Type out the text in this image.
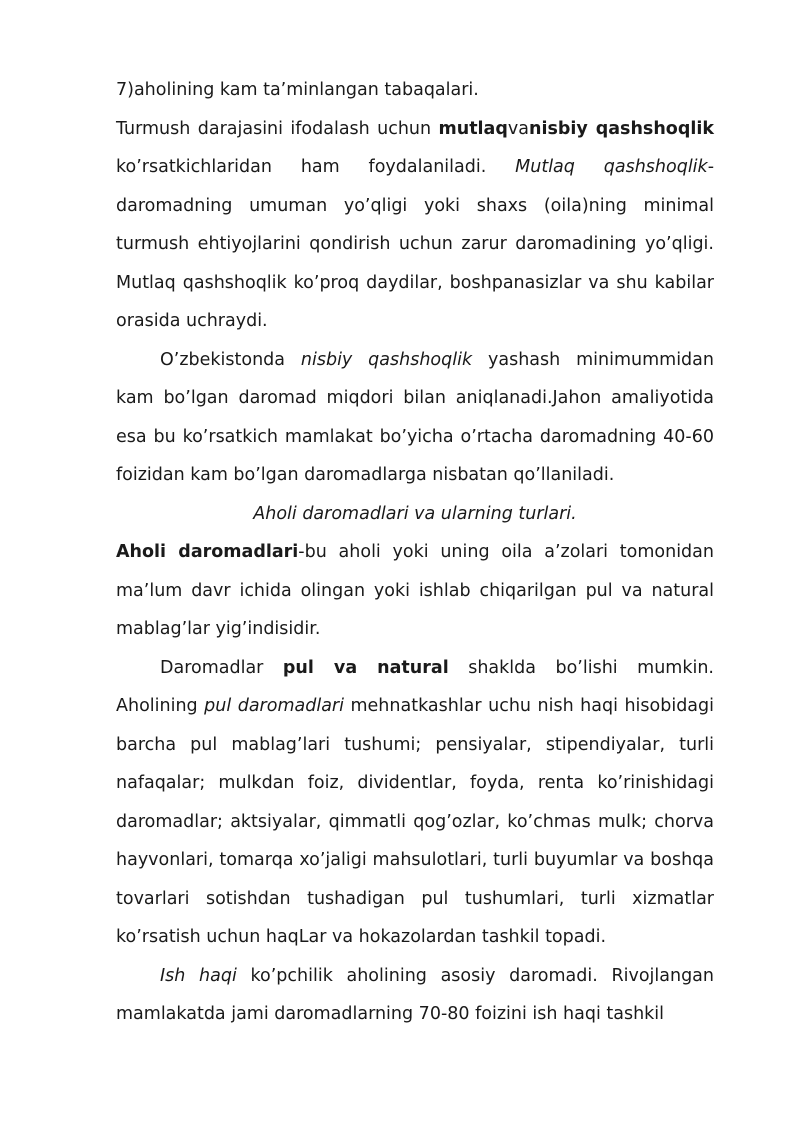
7)aholining kam ta’minlangan tabaqalari.

Turmush darajasini ifodalash uchun mutlaqvanisbiy qashshoqlik ko’rsatkichlaridan ham foydalaniladi. Mutlaq qashshoqlik-daromadning umuman yo’qligi yoki shaxs (oila)ning minimal turmush ehtiyojlarini qondirish uchun zarur daromadining yo’qligi. Mutlaq qashshoqlik ko’proq daydilar, boshpanasizlar va shu kabilar orasida uchraydi.

O’zbekistonda nisbiy qashshoqlik yashash minimummidan kam bo’lgan daromad miqdori bilan aniqlanadi.Jahon amaliyotida esa bu ko’rsatkich mamlakat bo’yicha o’rtacha daromadning 40-60 foizidan kam bo’lgan daromadlarga nisbatan qo’llaniladi.

Aholi daromadlari va ularning turlari.

Aholi daromadlari-bu aholi yoki uning oila a’zolari tomonidan ma’lum davr ichida olingan yoki ishlab chiqarilgan pul va natural mablag’lar yig’indisidir.

Daromadlar pul va natural shaklda bo’lishi mumkin. Aholining pul daromadlari mehnatkashlar uchu nish haqi hisobidagi barcha pul mablag’lari tushumi; pensiyalar, stipendiyalar, turli nafaqalar; mulkdan foiz, dividentlar, foyda, renta ko’rinishidagi daromadlar; aktsiyalar, qimmatli qog’ozlar, ko’chmas mulk; chorva hayvonlari, tomarqa xo’jaligi mahsulotlari, turli buyumlar va boshqa tovarlari sotishdan tushadigan pul tushumlari, turli xizmatlar ko’rsatish uchun haqLar va hokazolardan tashkil topadi.

Ish haqi ko’pchilik aholining asosiy daromadi. Rivojlangan mamlakatda jami daromadlarning 70-80 foizini ish haqi tashkil
